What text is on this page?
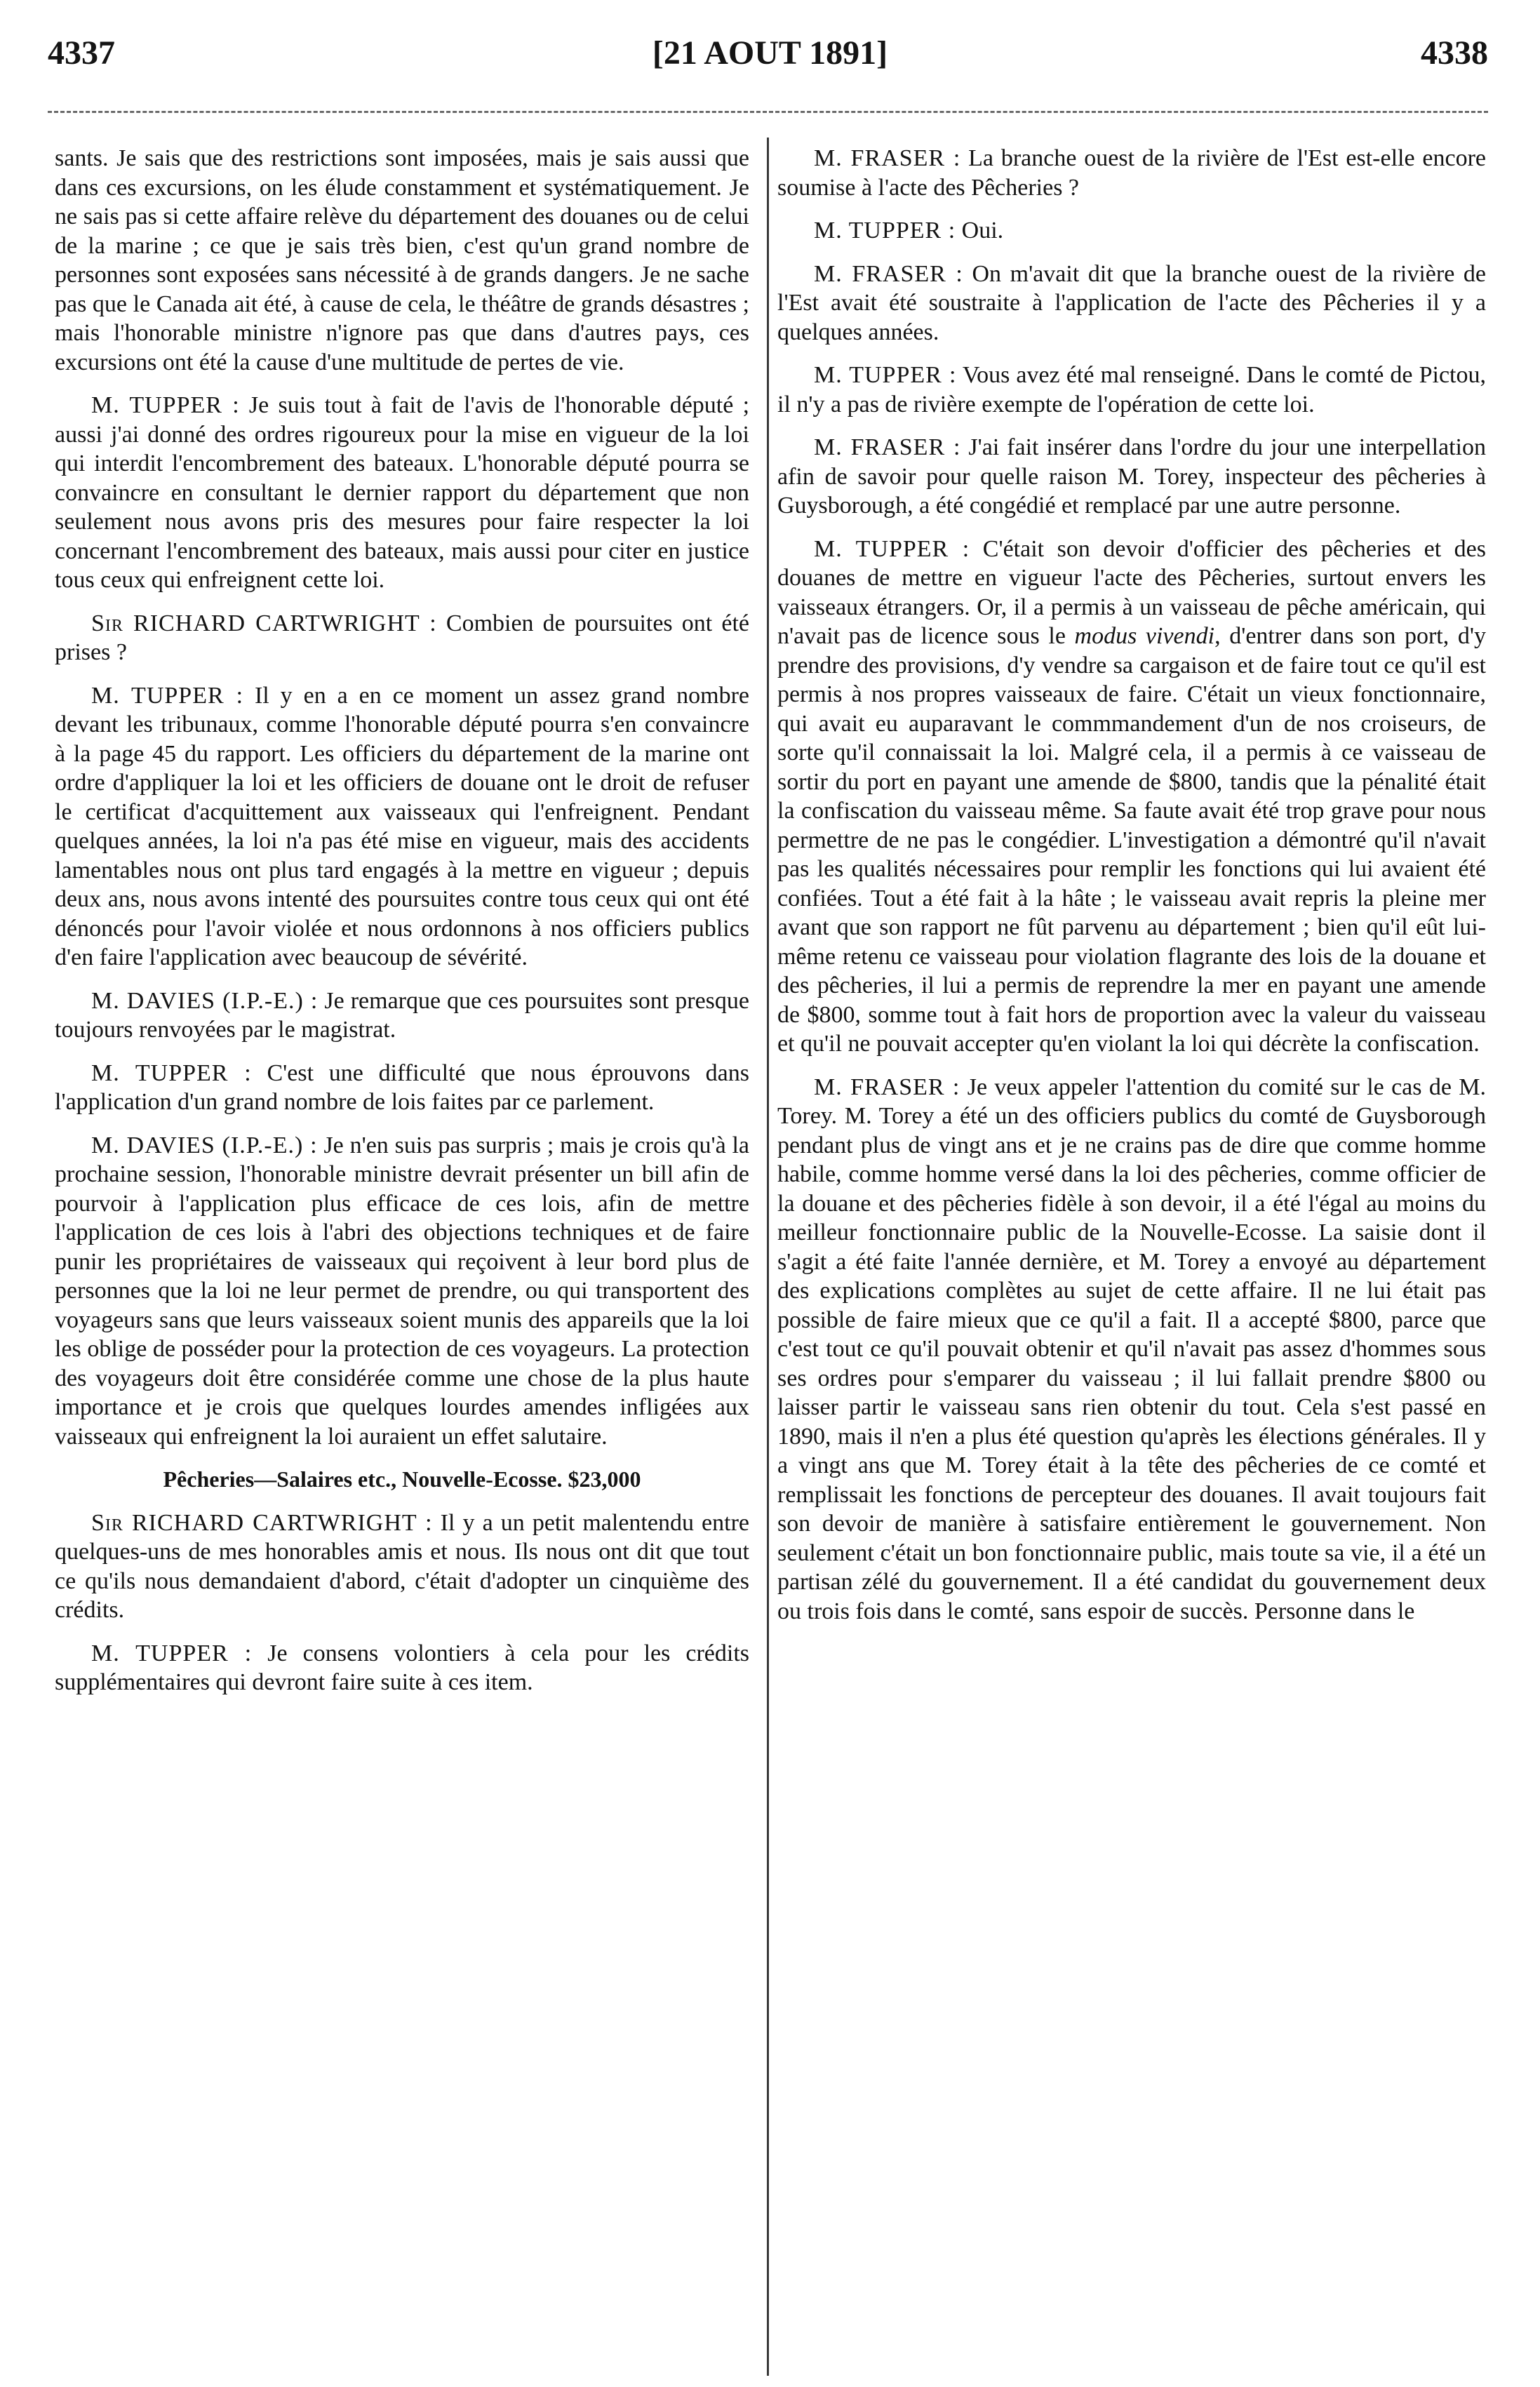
4337	[21 AOUT 1891]	4338

sants. Je sais que des restrictions sont imposées, mais je sais aussi que dans ces excursions, on les élude constamment et systématiquement. Je ne sais pas si cette affaire relève du département des douanes ou de celui de la marine ; ce que je sais très bien, c'est qu'un grand nombre de personnes sont exposées sans nécessité à de grands dangers. Je ne sache pas que le Canada ait été, à cause de cela, le théâtre de grands désastres ; mais l'honorable ministre n'ignore pas que dans d'autres pays, ces excursions ont été la cause d'une multitude de pertes de vie.

M. TUPPER : Je suis tout à fait de l'avis de l'honorable député ; aussi j'ai donné des ordres rigoureux pour la mise en vigueur de la loi qui interdit l'encombrement des bateaux. L'honorable député pourra se convaincre en consultant le dernier rapport du département que non seulement nous avons pris des mesures pour faire respecter la loi concernant l'encombrement des bateaux, mais aussi pour citer en justice tous ceux qui enfreignent cette loi.

Sir RICHARD CARTWRIGHT : Combien de poursuites ont été prises ?

M. TUPPER : Il y en a en ce moment un assez grand nombre devant les tribunaux, comme l'honorable député pourra s'en convaincre à la page 45 du rapport. Les officiers du département de la marine ont ordre d'appliquer la loi et les officiers de douane ont le droit de refuser le certificat d'acquittement aux vaisseaux qui l'enfreignent. Pendant quelques années, la loi n'a pas été mise en vigueur, mais des accidents lamentables nous ont plus tard engagés à la mettre en vigueur ; depuis deux ans, nous avons intenté des poursuites contre tous ceux qui ont été dénoncés pour l'avoir violée et nous ordonnons à nos officiers publics d'en faire l'application avec beaucoup de sévérité.

M. DAVIES (I.P.-E.) : Je remarque que ces poursuites sont presque toujours renvoyées par le magistrat.

M. TUPPER : C'est une difficulté que nous éprouvons dans l'application d'un grand nombre de lois faites par ce parlement.

M. DAVIES (I.P.-E.) : Je n'en suis pas surpris ; mais je crois qu'à la prochaine session, l'honorable ministre devrait présenter un bill afin de pourvoir à l'application plus efficace de ces lois, afin de mettre l'application de ces lois à l'abri des objections techniques et de faire punir les propriétaires de vaisseaux qui reçoivent à leur bord plus de personnes que la loi ne leur permet de prendre, ou qui transportent des voyageurs sans que leurs vaisseaux soient munis des appareils que la loi les oblige de posséder pour la protection de ces voyageurs. La protection des voyageurs doit être considérée comme une chose de la plus haute importance et je crois que quelques lourdes amendes infligées aux vaisseaux qui enfreignent la loi auraient un effet salutaire.

Pêcheries—Salaires etc., Nouvelle-Ecosse. $23,000

Sir RICHARD CARTWRIGHT : Il y a un petit malentendu entre quelques-uns de mes honorables amis et nous. Ils nous ont dit que tout ce qu'ils nous demandaient d'abord, c'était d'adopter un cinquième des crédits.

M. TUPPER : Je consens volontiers à cela pour les crédits supplémentaires qui devront faire suite à ces item.

M. FRASER : La branche ouest de la rivière de l'Est est-elle encore soumise à l'acte des Pêcheries ?

M. TUPPER : Oui.

M. FRASER : On m'avait dit que la branche ouest de la rivière de l'Est avait été soustraite à l'application de l'acte des Pêcheries il y a quelques années.

M. TUPPER : Vous avez été mal renseigné. Dans le comté de Pictou, il n'y a pas de rivière exempte de l'opération de cette loi.

M. FRASER : J'ai fait insérer dans l'ordre du jour une interpellation afin de savoir pour quelle raison M. Torey, inspecteur des pêcheries à Guysborough, a été congédié et remplacé par une autre personne.

M. TUPPER : C'était son devoir d'officier des pêcheries et des douanes de mettre en vigueur l'acte des Pêcheries, surtout envers les vaisseaux étrangers. Or, il a permis à un vaisseau de pêche américain, qui n'avait pas de licence sous le modus vivendi, d'entrer dans son port, d'y prendre des provisions, d'y vendre sa cargaison et de faire tout ce qu'il est permis à nos propres vaisseaux de faire. C'était un vieux fonctionnaire, qui avait eu auparavant le commmandement d'un de nos croiseurs, de sorte qu'il connaissait la loi. Malgré cela, il a permis à ce vaisseau de sortir du port en payant une amende de $800, tandis que la pénalité était la confiscation du vaisseau même. Sa faute avait été trop grave pour nous permettre de ne pas le congédier. L'investigation a démontré qu'il n'avait pas les qualités nécessaires pour remplir les fonctions qui lui avaient été confiées. Tout a été fait à la hâte ; le vaisseau avait repris la pleine mer avant que son rapport ne fût parvenu au département ; bien qu'il eût lui-même retenu ce vaisseau pour violation flagrante des lois de la douane et des pêcheries, il lui a permis de reprendre la mer en payant une amende de $800, somme tout à fait hors de proportion avec la valeur du vaisseau et qu'il ne pouvait accepter qu'en violant la loi qui décrète la confiscation.

M. FRASER : Je veux appeler l'attention du comité sur le cas de M. Torey. M. Torey a été un des officiers publics du comté de Guysborough pendant plus de vingt ans et je ne crains pas de dire que comme homme habile, comme homme versé dans la loi des pêcheries, comme officier de la douane et des pêcheries fidèle à son devoir, il a été l'égal au moins du meilleur fonctionnaire public de la Nouvelle-Ecosse. La saisie dont il s'agit a été faite l'année dernière, et M. Torey a envoyé au département des explications complètes au sujet de cette affaire. Il ne lui était pas possible de faire mieux que ce qu'il a fait. Il a accepté $800, parce que c'est tout ce qu'il pouvait obtenir et qu'il n'avait pas assez d'hommes sous ses ordres pour s'emparer du vaisseau ; il lui fallait prendre $800 ou laisser partir le vaisseau sans rien obtenir du tout. Cela s'est passé en 1890, mais il n'en a plus été question qu'après les élections générales. Il y a vingt ans que M. Torey était à la tête des pêcheries de ce comté et remplissait les fonctions de percepteur des douanes. Il avait toujours fait son devoir de manière à satisfaire entièrement le gouvernement. Non seulement c'était un bon fonctionnaire public, mais toute sa vie, il a été un partisan zélé du gouvernement. Il a été candidat du gouvernement deux ou trois fois dans le comté, sans espoir de succès. Personne dans le
